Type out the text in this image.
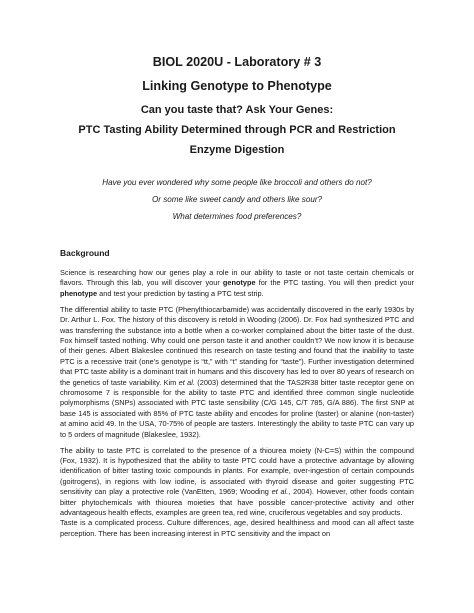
BIOL 2020U - Laboratory # 3
Linking Genotype to Phenotype
Can you taste that? Ask Your Genes:
PTC Tasting Ability Determined through PCR and Restriction
Enzyme Digestion
Have you ever wondered why some people like broccoli and others do not?
Or some like sweet candy and others like sour?
What determines food preferences?
Background

Science is researching how our genes play a role in our ability to taste or not taste certain chemicals or flavors. Through this lab, you will discover your genotype for the PTC tasting. You will then predict your phenotype and test your prediction by tasting a PTC test strip.

The differential ability to taste PTC (Phenylthiocarbamide) was accidentally discovered in the early 1930s by Dr. Arthur L. Fox. The history of this discovery is retold in Wooding (2006). Dr. Fox had synthesized PTC and was transferring the substance into a bottle when a co-worker complained about the bitter taste of the dust. Fox himself tasted nothing. Why could one person taste it and another couldn’t? We now know it is because of their genes. Albert Blakeslee continued this research on taste testing and found that the inability to taste PTC is a recessive trait (one’s genotype is “tt,” with “t” standing for “taste”). Further investigation determined that PTC taste ability is a dominant trait in humans and this discovery has led to over 80 years of research on the genetics of taste variability. Kim et al. (2003) determined that the TAS2R38 bitter taste receptor gene on chromosome 7 is responsible for the ability to taste PTC and identified three common single nucleotide polymorphisms (SNPs) associated with PTC taste sensibility (C/G 145, C/T 785, G/A 886). The first SNP at base 145 is associated with 85% of PTC taste ability and encodes for proline (taster) or alanine (non-taster) at amino acid 49. In the USA, 70-75% of people are tasters. Interestingly the ability to taste PTC can vary up to 5 orders of magnitude (Blakeslee, 1932).

The ability to taste PTC is correlated to the presence of a thiourea moiety (N-C=S) within the compound (Fox, 1932). It is hypothesized that the ability to taste PTC could have a protective advantage by allowing identification of bitter tasting toxic compounds in plants. For example, over-ingestion of certain compounds (goitrogens), in regions with low iodine, is associated with thyroid disease and goiter suggesting PTC sensitivity can play a protective role (VanEtten, 1969; Wooding et al., 2004). However, other foods contain bitter phytochemicals with thiourea moieties that have possible cancer-protective activity and other advantageous health effects, examples are green tea, red wine, cruciferous vegetables and soy products.

Taste is a complicated process. Culture differences, age, desired healthiness and mood can all affect taste perception. There has been increasing interest in PTC sensitivity and the impact on
